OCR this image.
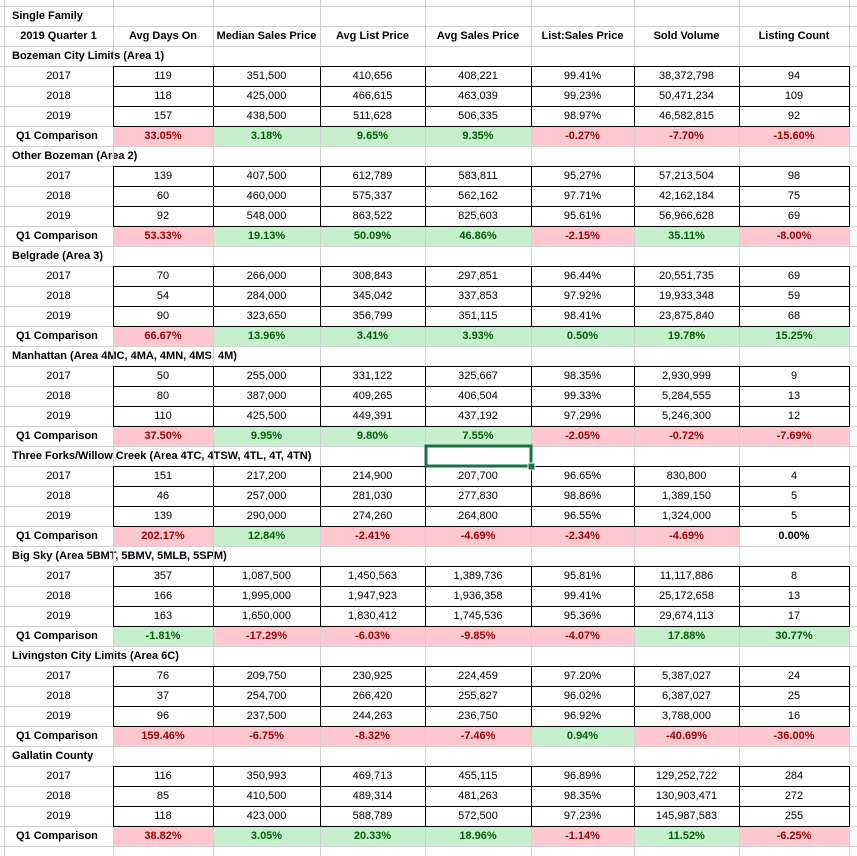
Single Family
2019 Quarter 1	Avg Days On	Median Sales Price	Avg List Price	Avg Sales Price	List:Sales Price	Sold Volume	Listing Count
Bozeman City Limits (Area 1)
2017	119	351,500	410,656	408,221	99.41%	38,372,798	94
2018	118	425,000	466,615	463,039	99.23%	50,471,234	109
2019	157	438,500	511,628	506,335	98.97%	46,582,815	92
Q1 Comparison	33.05%	3.18%	9.65%	9.35%	-0.27%	-7.70%	-15.60%
Other Bozeman (Area 2)
2017	139	407,500	612,789	583,811	95.27%	57,213,504	98
2018	60	460,000	575,337	562,162	97.71%	42,162,184	75
2019	92	548,000	863,522	825,603	95.61%	56,966,628	69
Q1 Comparison	53.33%	19.13%	50.09%	46.86%	-2.15%	35.11%	-8.00%
Belgrade (Area 3)
2017	70	266,000	308,843	297,851	96.44%	20,551,735	69
2018	54	284,000	345,042	337,853	97.92%	19,933,348	59
2019	90	323,650	356,799	351,115	98.41%	23,875,840	68
Q1 Comparison	66.67%	13.96%	3.41%	3.93%	0.50%	19.78%	15.25%
Manhattan (Area 4MC, 4MA, 4MN, 4MS, 4M)
2017	50	255,000	331,122	325,667	98.35%	2,930,999	9
2018	80	387,000	409,265	406,504	99.33%	5,284,555	13
2019	110	425,500	449,391	437,192	97.29%	5,246,300	12
Q1 Comparison	37.50%	9.95%	9.80%	7.55%	-2.05%	-0.72%	-7.69%
Three Forks/Willow Creek (Area 4TC, 4TSW, 4TL, 4T, 4TN)
2017	151	217,200	214,900	207,700	96.65%	830,800	4
2018	46	257,000	281,030	277,830	98.86%	1,389,150	5
2019	139	290,000	274,260	264,800	96.55%	1,324,000	5
Q1 Comparison	202.17%	12.84%	-2.41%	-4.69%	-2.34%	-4.69%	0.00%
Big Sky (Area 5BMT, 5BMV, 5MLB, 5SPM)
2017	357	1,087,500	1,450,563	1,389,736	95.81%	11,117,886	8
2018	166	1,995,000	1,947,923	1,936,358	99.41%	25,172,658	13
2019	163	1,650,000	1,830,412	1,745,536	95.36%	29,674,113	17
Q1 Comparison	-1.81%	-17.29%	-6.03%	-9.85%	-4.07%	17.88%	30.77%
Livingston City Limits (Area 6C)
2017	76	209,750	230,925	224,459	97.20%	5,387,027	24
2018	37	254,700	266,420	255,827	96.02%	6,387,027	25
2019	96	237,500	244,263	236,750	96.92%	3,788,000	16
Q1 Comparison	159.46%	-6.75%	-8.32%	-7.46%	0.94%	-40.69%	-36.00%
Gallatin County
2017	116	350,993	469,713	455,115	96.89%	129,252,722	284
2018	85	410,500	489,314	481,263	98.35%	130,903,471	272
2019	118	423,000	588,789	572,500	97.23%	145,987,583	255
Q1 Comparison	38.82%	3.05%	20.33%	18.96%	-1.14%	11.52%	-6.25%
